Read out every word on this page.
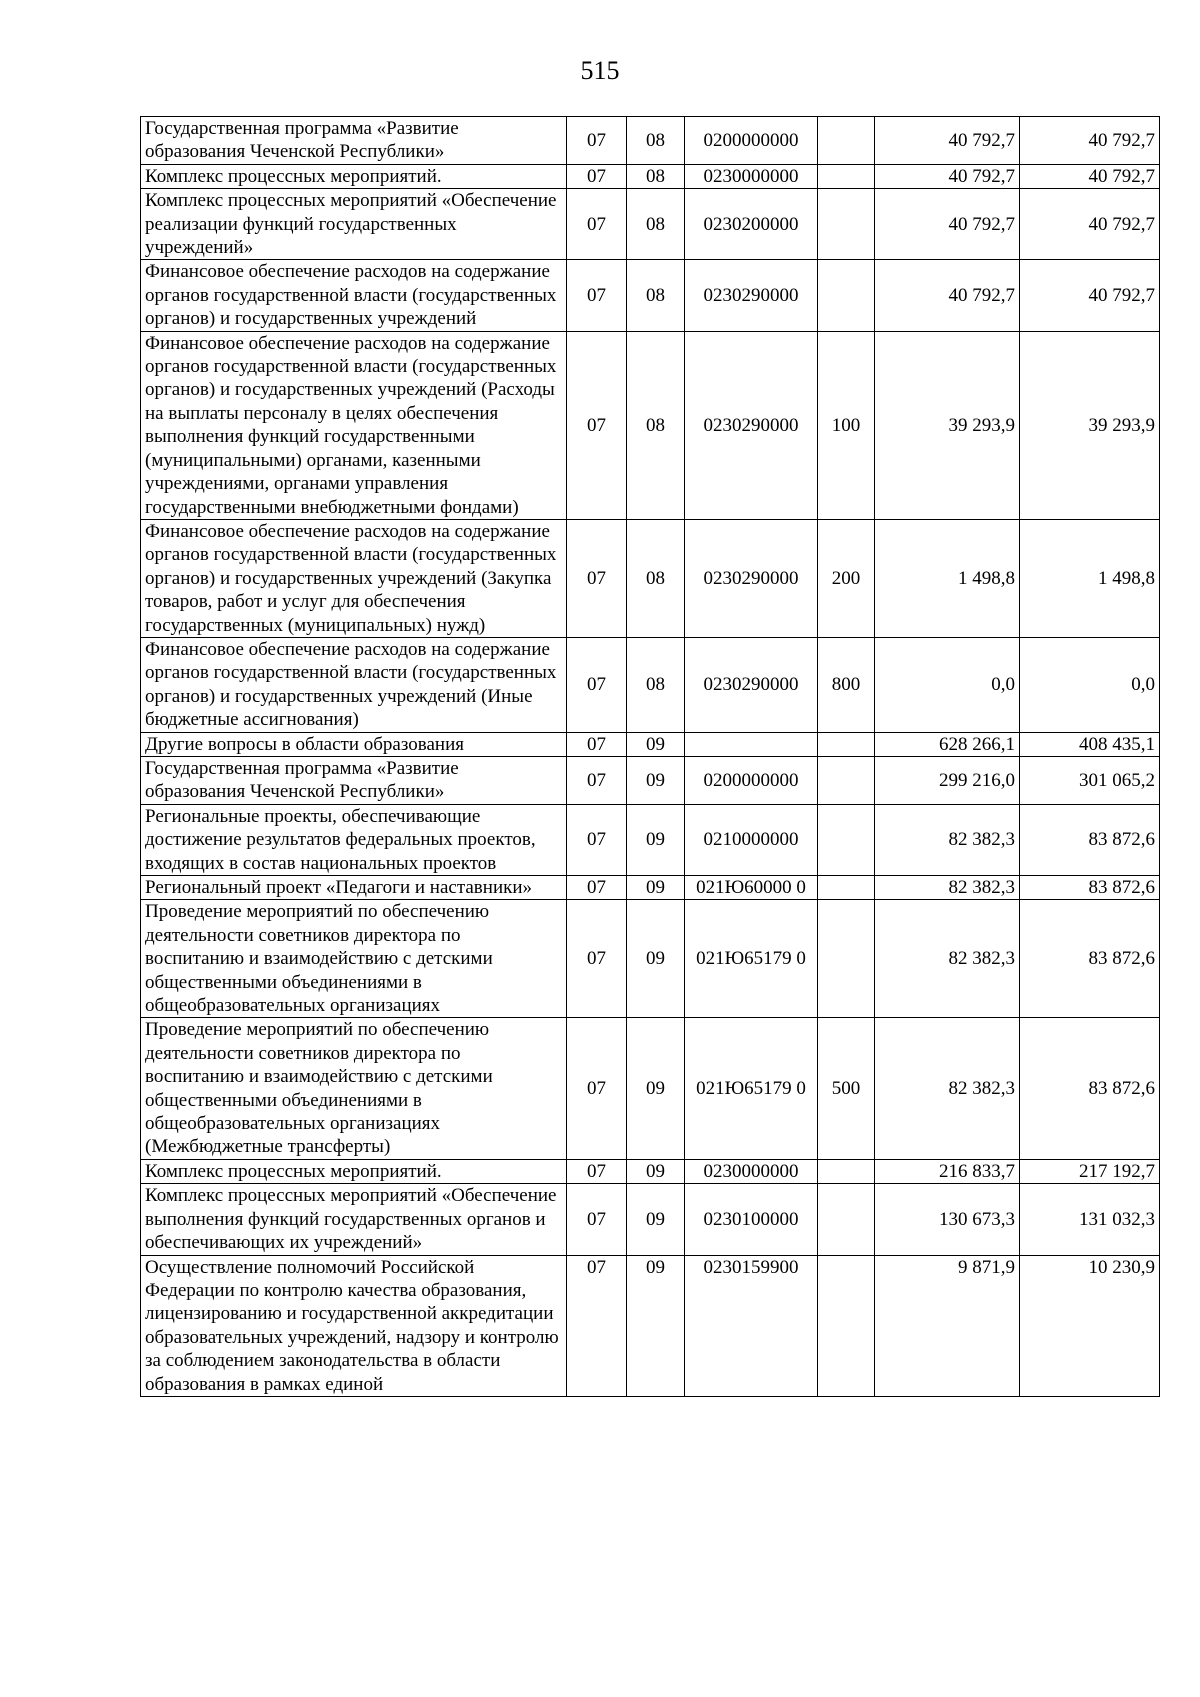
515
Государственная программа «Развитие образования Чеченской Республики»	07	08	0200000000		40 792,7	40 792,7
Комплекс процессных мероприятий.	07	08	0230000000		40 792,7	40 792,7
Комплекс процессных мероприятий «Обеспечение реализации функций государственных учреждений»	07	08	0230200000		40 792,7	40 792,7
Финансовое обеспечение расходов на содержание органов государственной власти (государственных органов) и государственных учреждений	07	08	0230290000		40 792,7	40 792,7
Финансовое обеспечение расходов на содержание органов государственной власти (государственных органов) и государственных учреждений (Расходы на выплаты персоналу в целях обеспечения выполнения функций государственными (муниципальными) органами, казенными учреждениями, органами управления государственными внебюджетными фондами)	07	08	0230290000	100	39 293,9	39 293,9
Финансовое обеспечение расходов на содержание органов государственной власти (государственных органов) и государственных учреждений (Закупка товаров, работ и услуг для обеспечения государственных (муниципальных) нужд)	07	08	0230290000	200	1 498,8	1 498,8
Финансовое обеспечение расходов на содержание органов государственной власти (государственных органов) и государственных учреждений (Иные бюджетные ассигнования)	07	08	0230290000	800	0,0	0,0
Другие вопросы в области образования	07	09			628 266,1	408 435,1
Государственная программа «Развитие образования Чеченской Республики»	07	09	0200000000		299 216,0	301 065,2
Региональные проекты, обеспечивающие достижение результатов федеральных проектов, входящих в состав национальных проектов	07	09	0210000000		82 382,3	83 872,6
Региональный проект «Педагоги и наставники»	07	09	021Ю60000 0		82 382,3	83 872,6
Проведение мероприятий по обеспечению деятельности советников директора по воспитанию и взаимодействию с детскими общественными объединениями в общеобразовательных организациях	07	09	021Ю65179 0		82 382,3	83 872,6
Проведение мероприятий по обеспечению деятельности советников директора по воспитанию и взаимодействию с детскими общественными объединениями в общеобразовательных организациях (Межбюджетные трансферты)	07	09	021Ю65179 0	500	82 382,3	83 872,6
Комплекс процессных мероприятий.	07	09	0230000000		216 833,7	217 192,7
Комплекс процессных мероприятий «Обеспечение выполнения функций государственных органов и обеспечивающих их учреждений»	07	09	0230100000		130 673,3	131 032,3
Осуществление полномочий Российской Федерации по контролю качества образования, лицензированию и государственной аккредитации образовательных учреждений, надзору и контролю за соблюдением законодательства в области образования в рамках единой	07	09	0230159900		9 871,9	10 230,9
